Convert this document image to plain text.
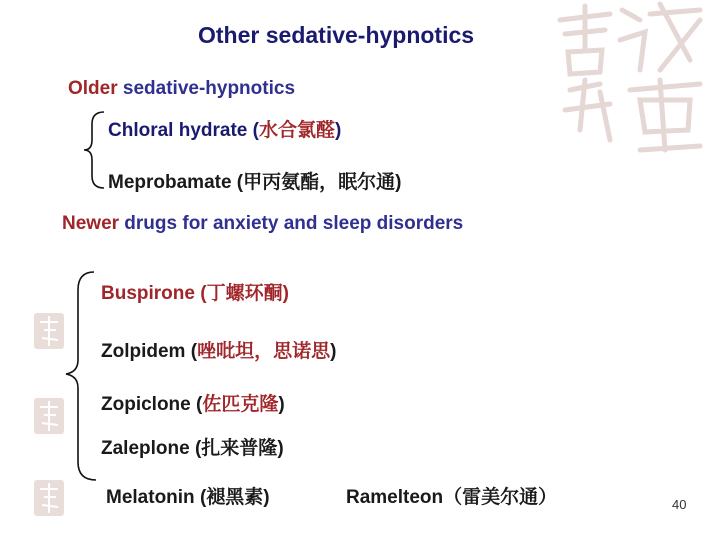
Other sedative-hypnotics
Older sedative-hypnotics
Chloral hydrate (水合氯醛)
Meprobamate (甲丙氨酯，眠尔通)
Newer drugs for anxiety and sleep disorders
Buspirone (丁螺环酮)
Zolpidem (唑吡坦，思诺思)
Zopiclone (佐匹克隆)
Zaleplone (扎来普隆)
Melatonin (褪黑素)	Ramelteon（雷美尔通）	40
